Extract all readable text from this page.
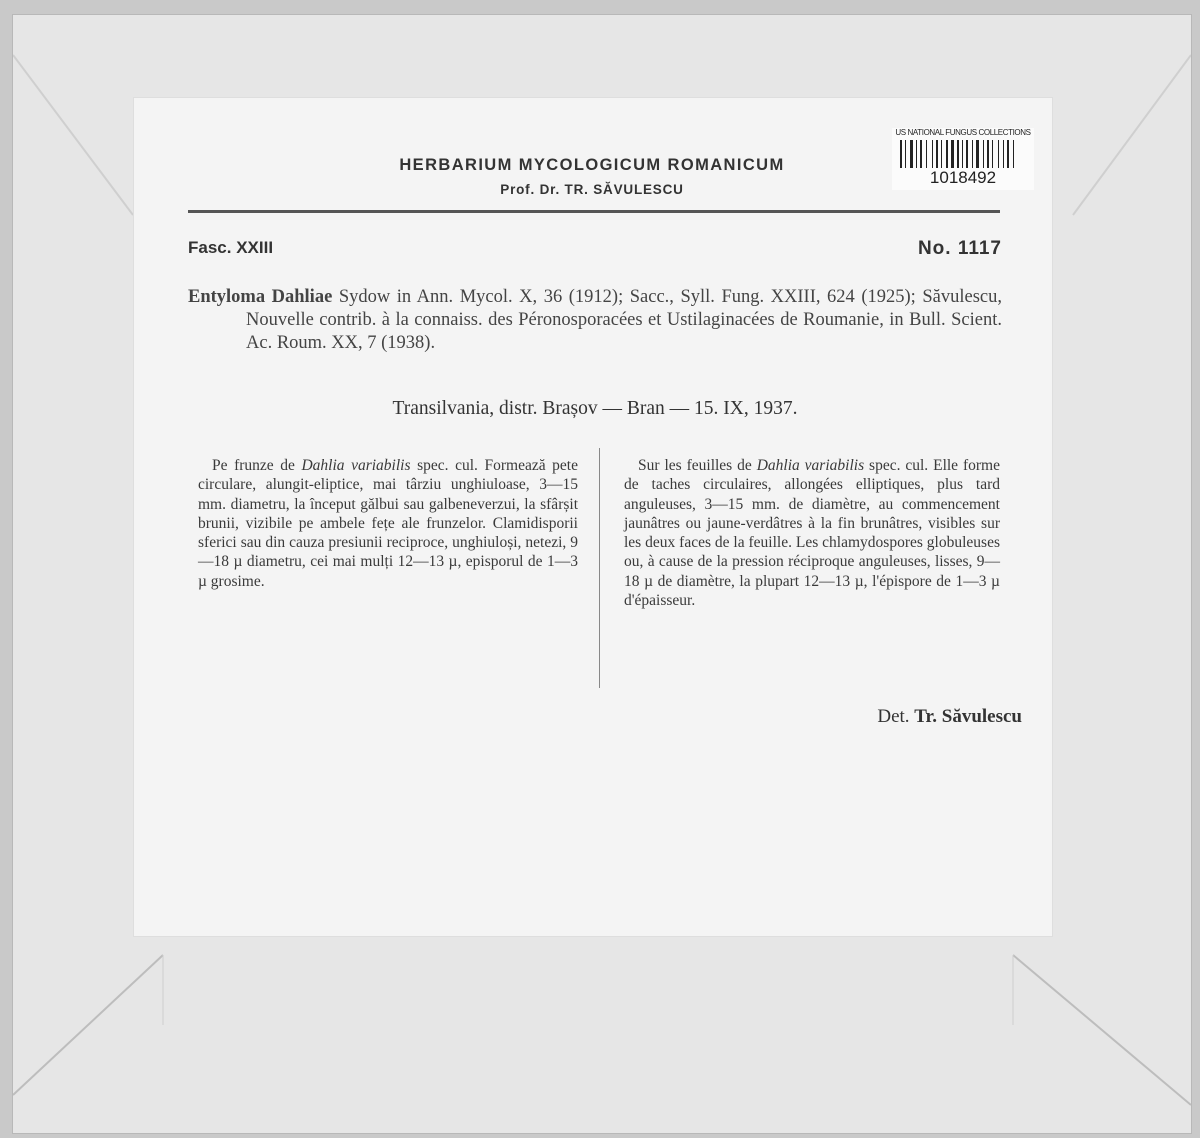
US NATIONAL FUNGUS COLLECTIONS
1018492
HERBARIUM MYCOLOGICUM ROMANICUM
Prof. Dr. TR. SĂVULESCU
Fasc. XXIII	No. 1117

Entyloma Dahliae Sydow in Ann. Mycol. X, 36 (1912); Sacc., Syll. Fung. XXIII, 624 (1925); Săvulescu, Nouvelle contrib. à la connaiss. des Péronosporacées et Ustilaginacées de Roumanie, in Bull. Scient. Ac. Roum. XX, 7 (1938).

Transilvania, distr. Brașov — Bran — 15. IX, 1937.

Pe frunze de Dahlia variabilis spec. cul. Formează pete circulare, alungit-eliptice, mai târziu unghiuloase, 3—15 mm. diametru, la început gălbui sau galbeneverzui, la sfârșit brunii, vizibile pe ambele fețe ale frunzelor. Clamidisporii sferici sau din cauza presiunii reciproce, unghiuloși, netezi, 9—18 µ diametru, cei mai mulți 12—13 µ, episporul de 1—3 µ grosime.

Sur les feuilles de Dahlia variabilis spec. cul. Elle forme de taches circulaires, allongées elliptiques, plus tard anguleuses, 3—15 mm. de diamètre, au commencement jaunâtres ou jaune-verdâtres à la fin brunâtres, visibles sur les deux faces de la feuille. Les chlamydospores globuleuses ou, à cause de la pression réciproque anguleuses, lisses, 9—18 µ de diamètre, la plupart 12—13 µ, l'épispore de 1—3 µ d'épaisseur.

Det. Tr. Săvulescu
